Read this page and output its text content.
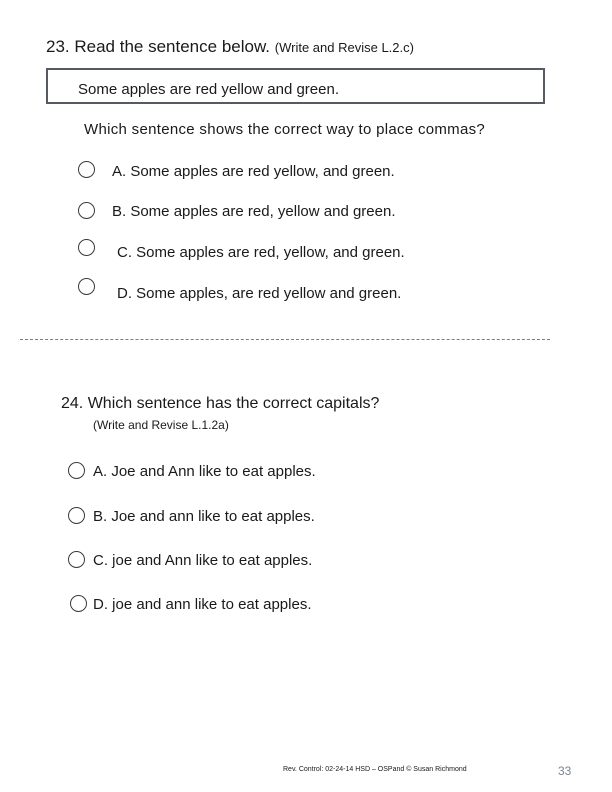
23. Read the sentence below. (Write and Revise L.2.c)
Some apples are red yellow and green.
Which sentence shows the correct way to place commas?
A. Some apples are red yellow, and green.
B. Some apples are red, yellow and green.
C. Some apples are red, yellow, and green.
D. Some apples, are red yellow and green.
24. Which sentence has the correct capitals?
(Write and Revise L.1.2a)
A. Joe and Ann like to eat apples.
B. Joe and ann like to eat apples.
C. joe and Ann like to eat apples.
D. joe and ann like to eat apples.
Rev. Control: 02-24-14 HSD – OSPand © Susan Richmond	33
